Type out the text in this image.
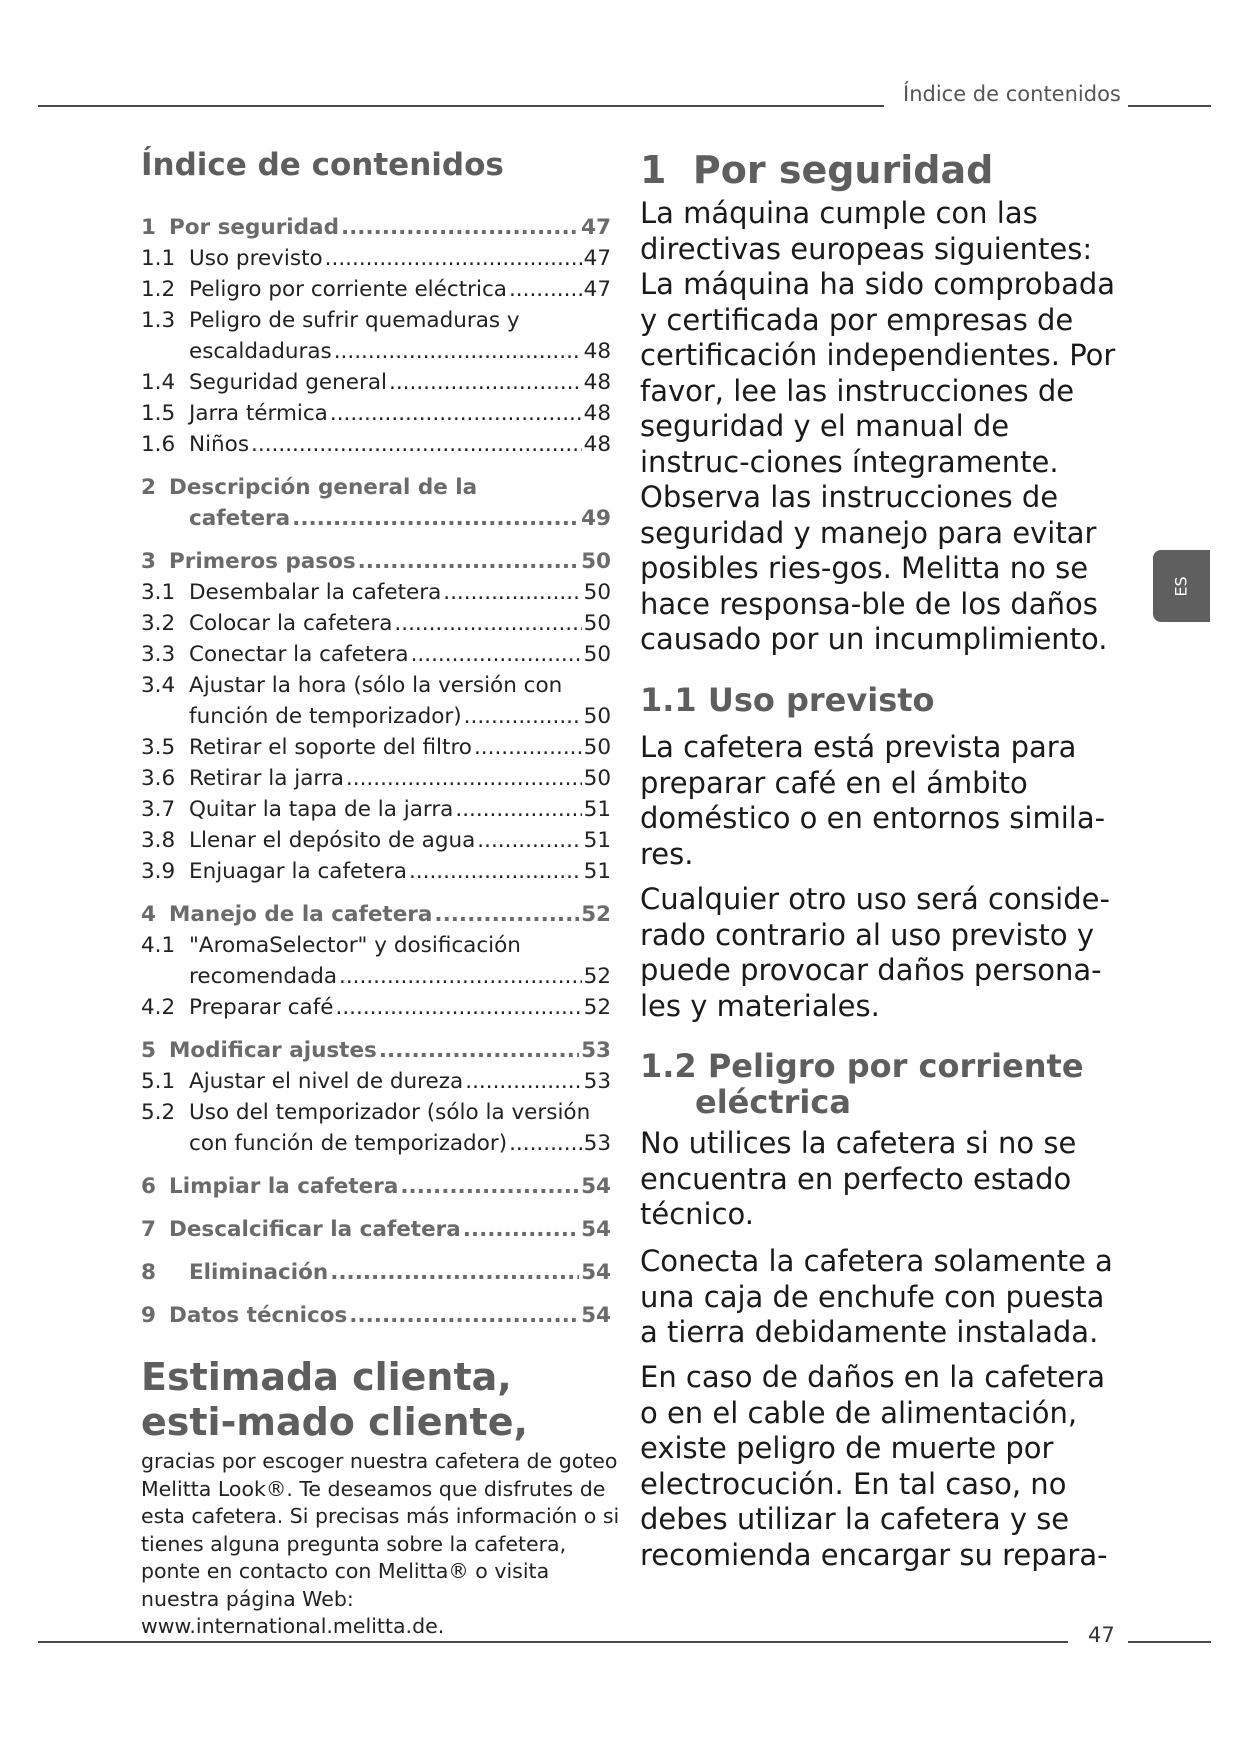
Índice de contenidos
ES
Índice de contenidos
1 Por seguridad .....	47
1.1 Uso previsto .....	47
1.2 Peligro por corriente eléctrica .....	47
1.3 Peligro de sufrir quemaduras y
escaldaduras .....	48
1.4 Seguridad general .....	48
1.5 Jarra térmica .....	48
1.6 Niños .....	48
2 Descripción general de la
cafetera .....	49
3 Primeros pasos .....	50
3.1 Desembalar la cafetera .....	50
3.2 Colocar la cafetera .....	50
3.3 Conectar la cafetera .....	50
3.4 Ajustar la hora (sólo la versión con
función de temporizador) .....	50
3.5 Retirar el soporte del filtro .....	50
3.6 Retirar la jarra .....	50
3.7 Quitar la tapa de la jarra .....	51
3.8 Llenar el depósito de agua .....	51
3.9 Enjuagar la cafetera .....	51
4 Manejo de la cafetera .....	52
4.1 "AromaSelector" y dosificación
recomendada .....	52
4.2 Preparar café .....	52
5 Modificar ajustes .....	53
5.1 Ajustar el nivel de dureza .....	53
5.2 Uso del temporizador (sólo la versión
con función de temporizador) .....	53
6 Limpiar la cafetera .....	54
7 Descalcificar la cafetera .....	54
8	Eliminación .....	54
9 Datos técnicos .....	54
Estimada clienta, esti-mado cliente,
gracias por escoger nuestra cafetera de goteo Melitta Look®. Te deseamos que disfrutes de esta cafetera. Si precisas más información o si tienes alguna pregunta sobre la cafetera, ponte en contacto con Melitta® o visita nuestra página Web: www.international.melitta.de.
1  Por seguridad
La máquina cumple con las directivas europeas siguientes: La máquina ha sido comprobada y certificada por empresas de certificación independientes. Por favor, lee las instrucciones de seguridad y el manual de instruc-ciones íntegramente. Observa las instrucciones de seguridad y manejo para evitar posibles ries-gos. Melitta no se hace responsa-ble de los daños causado por un incumplimiento.
1.1 Uso previsto
La cafetera está prevista para preparar café en el ámbito doméstico o en entornos simila-res.
Cualquier otro uso será conside-rado contrario al uso previsto y puede provocar daños persona-les y materiales.
1.2 Peligro por corriente
eléctrica
No utilices la cafetera si no se encuentra en perfecto estado técnico.
Conecta la cafetera solamente a una caja de enchufe con puesta a tierra debidamente instalada.
En caso de daños en la cafetera o en el cable de alimentación, existe peligro de muerte por electrocución. En tal caso, no debes utilizar la cafetera y se recomienda encargar su repara-
47
